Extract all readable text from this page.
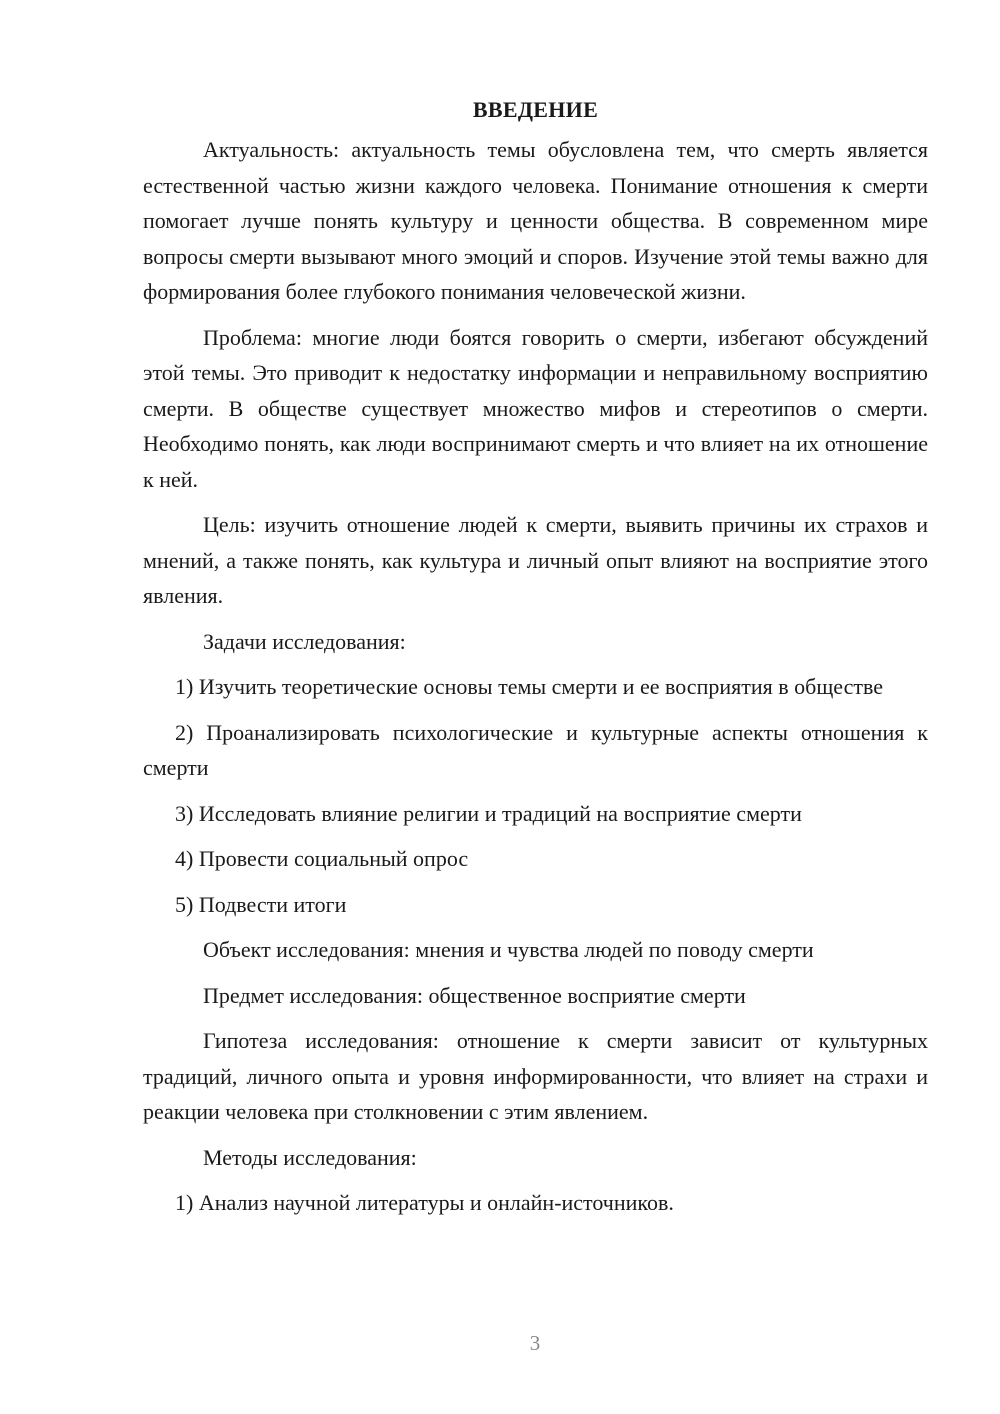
ВВЕДЕНИЕ

Актуальность: актуальность темы обусловлена тем, что смерть является естественной частью жизни каждого человека. Понимание отношения к смерти помогает лучше понять культуру и ценности общества. В современном мире вопросы смерти вызывают много эмоций и споров. Изучение этой темы важно для формирования более глубокого понимания человеческой жизни.

Проблема: многие люди боятся говорить о смерти, избегают обсуждений этой темы. Это приводит к недостатку информации и неправильному восприятию смерти. В обществе существует множество мифов и стереотипов о смерти. Необходимо понять, как люди воспринимают смерть и что влияет на их отношение к ней.

Цель: изучить отношение людей к смерти, выявить причины их страхов и мнений, а также понять, как культура и личный опыт влияют на восприятие этого явления.

Задачи исследования:

1) Изучить теоретические основы темы смерти и ее восприятия в обществе

2) Проанализировать психологические и культурные аспекты отношения к смерти

3) Исследовать влияние религии и традиций на восприятие смерти

4) Провести социальный опрос

5) Подвести итоги

Объект исследования: мнения и чувства людей по поводу смерти

Предмет исследования: общественное восприятие смерти

Гипотеза исследования: отношение к смерти зависит от культурных традиций, личного опыта и уровня информированности, что влияет на страхи и реакции человека при столкновении с этим явлением.

Методы исследования:

1) Анализ научной литературы и онлайн-источников.

3
